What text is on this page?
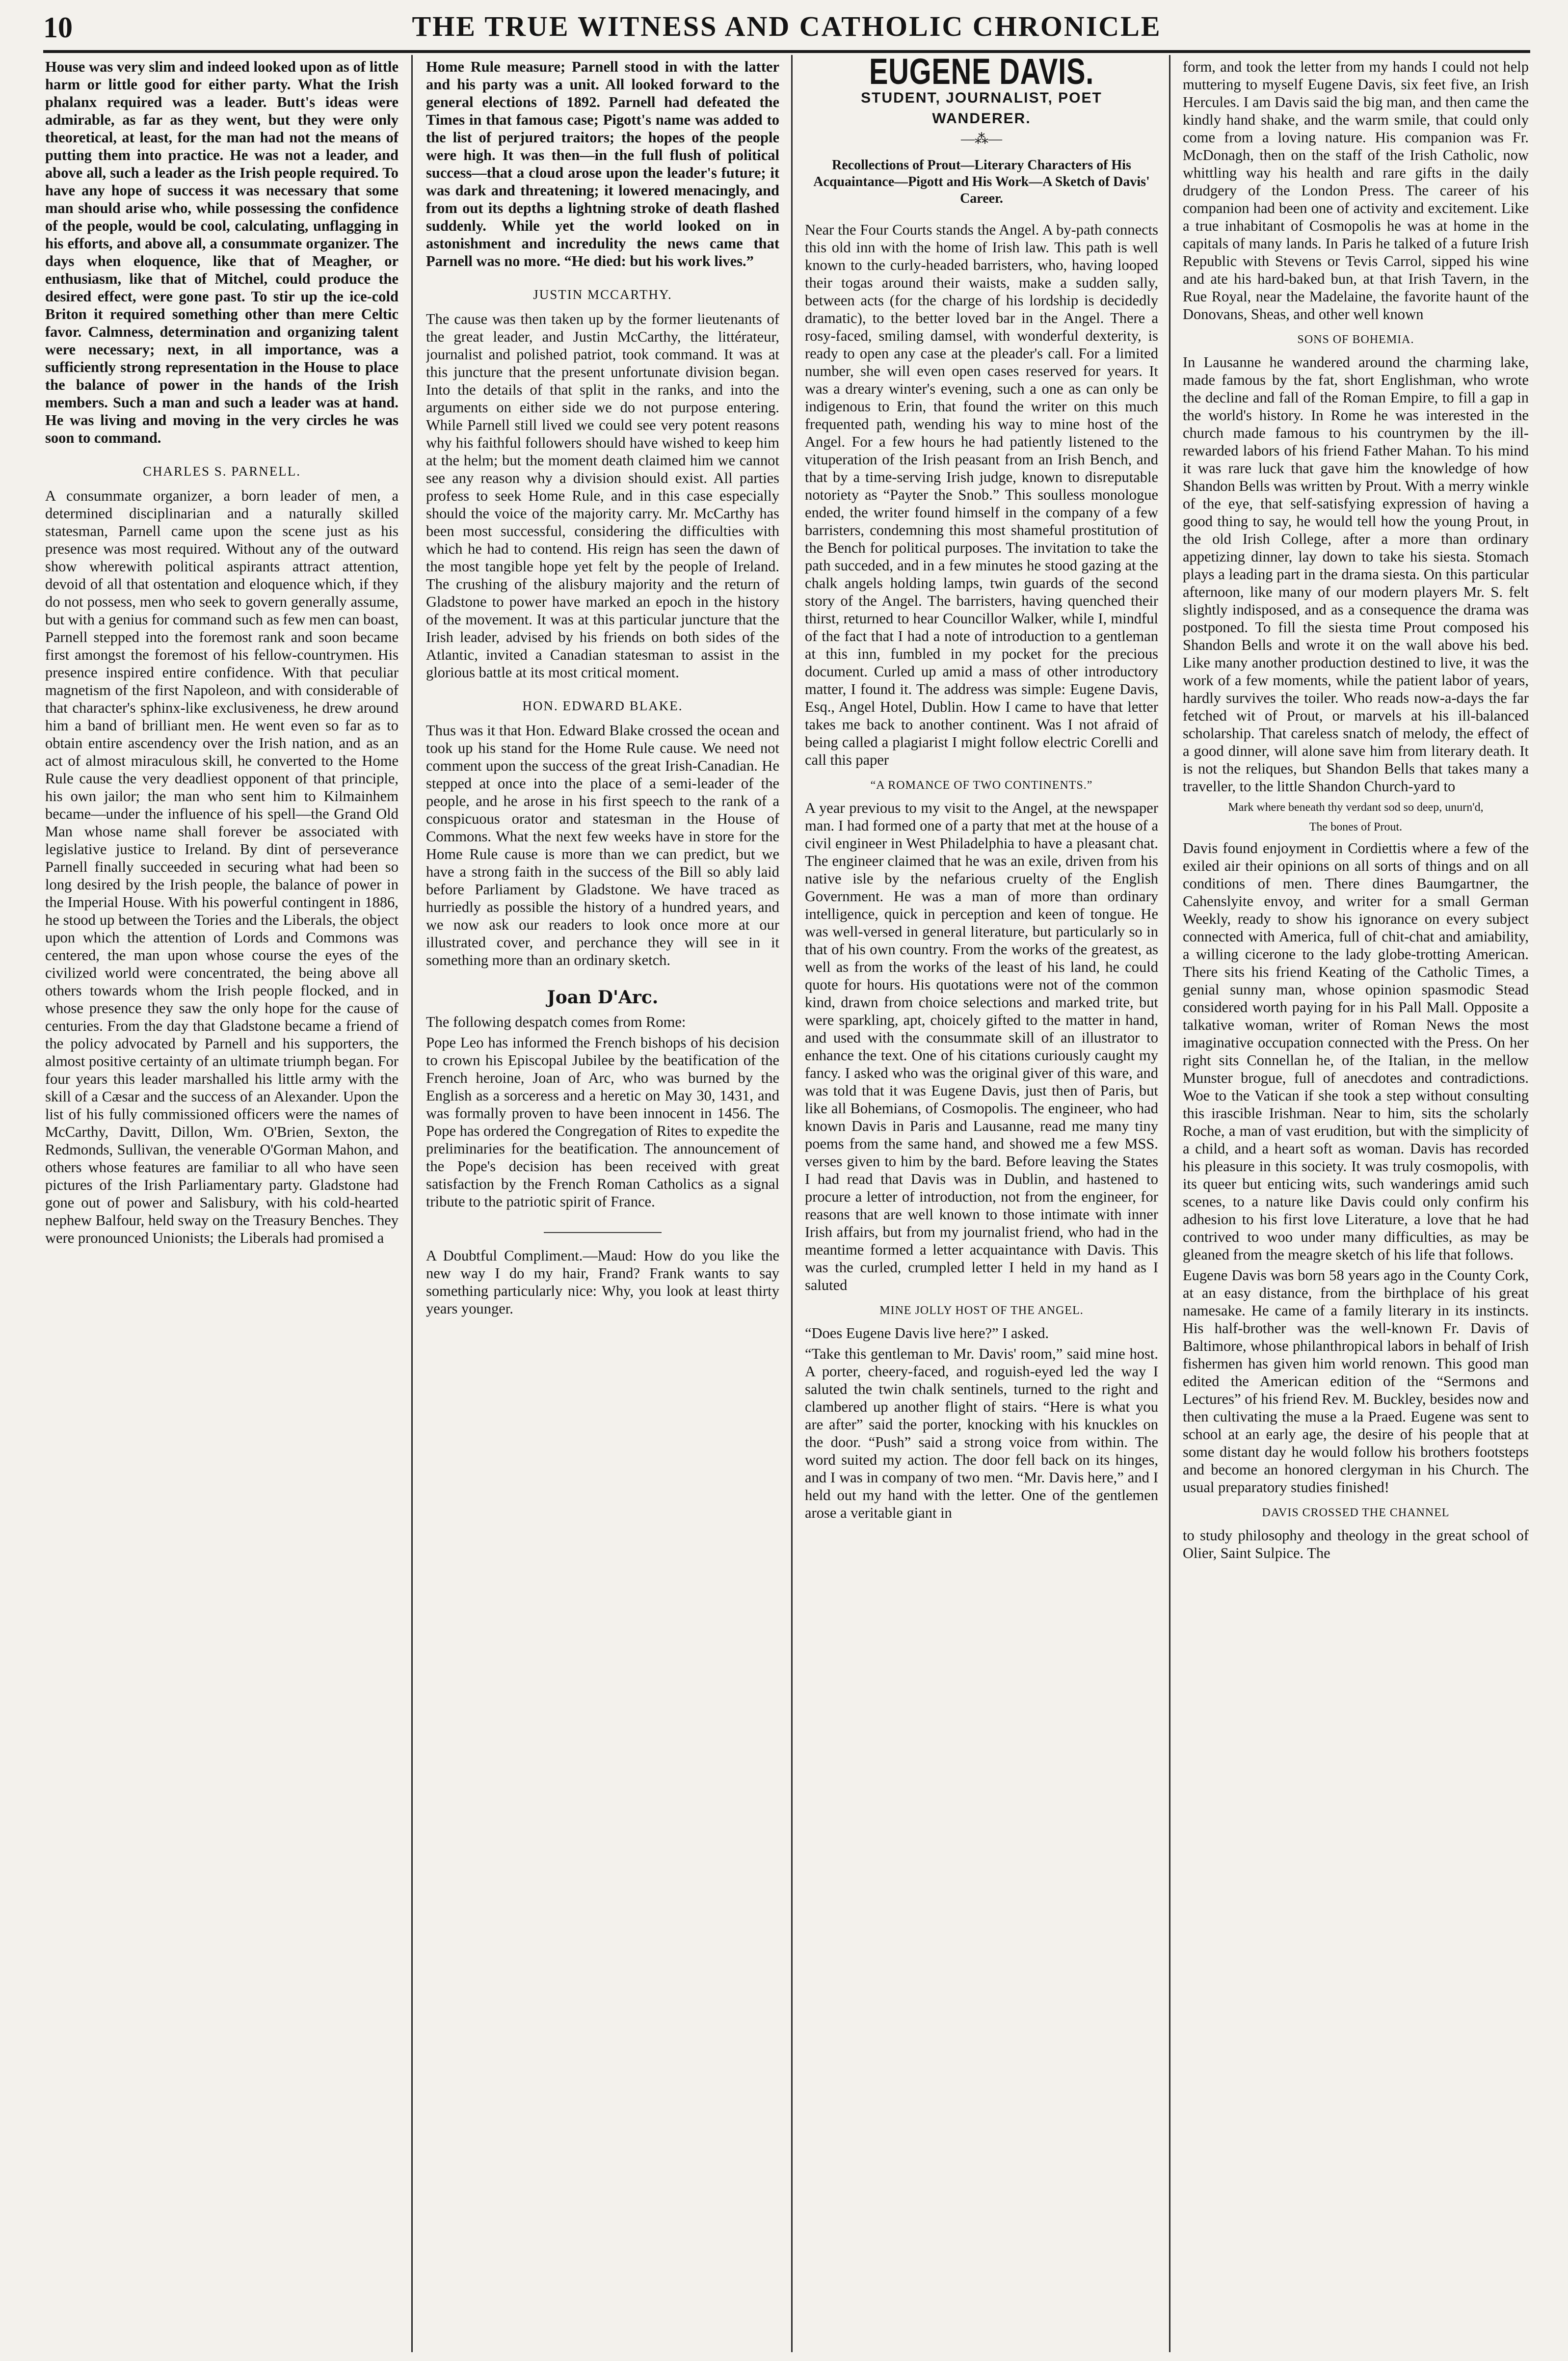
10	THE TRUE WITNESS AND CATHOLIC CHRONICLE

House was very slim and indeed looked upon as of little harm or little good for either party. What the Irish phalanx required was a leader. Butt's ideas were admirable, as far as they went, but they were only theoretical, at least, for the man had not the means of putting them into practice. He was not a leader, and above all, such a leader as the Irish people required. To have any hope of success it was necessary that some man should arise who, while possessing the confidence of the people, would be cool, calculating, unflagging in his efforts, and above all, a consummate organizer. The days when eloquence, like that of Meagher, or enthusiasm, like that of Mitchel, could produce the desired effect, were gone past. To stir up the ice-cold Briton it required something other than mere Celtic favor. Calmness, determination and organizing talent were necessary; next, in all importance, was a sufficiently strong representation in the House to place the balance of power in the hands of the Irish members. Such a man and such a leader was at hand. He was living and moving in the very circles he was soon to command.

CHARLES S. PARNELL.

A consummate organizer, a born leader of men, a determined disciplinarian and a naturally skilled statesman, Parnell came upon the scene just as his presence was most required. Without any of the outward show wherewith political aspirants attract attention, devoid of all that ostentation and eloquence which, if they do not possess, men who seek to govern generally assume, but with a genius for command such as few men can boast, Parnell stepped into the foremost rank and soon became first amongst the foremost of his fellow-countrymen. His presence inspired entire confidence. With that peculiar magnetism of the first Napoleon, and with considerable of that character's sphinx-like exclusiveness, he drew around him a band of brilliant men. He went even so far as to obtain entire ascendency over the Irish nation, and as an act of almost miraculous skill, he converted to the Home Rule cause the very deadliest opponent of that principle, his own jailor; the man who sent him to Kilmainhem became—under the influence of his spell—the Grand Old Man whose name shall forever be associated with legislative justice to Ireland. By dint of perseverance Parnell finally succeeded in securing what had been so long desired by the Irish people, the balance of power in the Imperial House. With his powerful contingent in 1886, he stood up between the Tories and the Liberals, the object upon which the attention of Lords and Commons was centered, the man upon whose course the eyes of the civilized world were concentrated, the being above all others towards whom the Irish people flocked, and in whose presence they saw the only hope for the cause of centuries. From the day that Gladstone became a friend of the policy advocated by Parnell and his supporters, the almost positive certainty of an ultimate triumph began. For four years this leader marshalled his little army with the skill of a Cæsar and the success of an Alexander. Upon the list of his fully commissioned officers were the names of McCarthy, Davitt, Dillon, Wm. O'Brien, Sexton, the Redmonds, Sullivan, the venerable O'Gorman Mahon, and others whose features are familiar to all who have seen pictures of the Irish Parliamentary party. Gladstone had gone out of power and Salisbury, with his cold-hearted nephew Balfour, held sway on the Treasury Benches. They were pronounced Unionists; the Liberals had promised a

Home Rule measure; Parnell stood in with the latter and his party was a unit. All looked forward to the general elections of 1892. Parnell had defeated the Times in that famous case; Pigott's name was added to the list of perjured traitors; the hopes of the people were high. It was then—in the full flush of political success—that a cloud arose upon the leader's future; it was dark and threatening; it lowered menacingly, and from out its depths a lightning stroke of death flashed suddenly. While yet the world looked on in astonishment and incredulity the news came that Parnell was no more. “He died: but his work lives.”

JUSTIN MCCARTHY.

The cause was then taken up by the former lieutenants of the great leader, and Justin McCarthy, the littérateur, journalist and polished patriot, took command. It was at this juncture that the present unfortunate division began. Into the details of that split in the ranks, and into the arguments on either side we do not purpose entering. While Parnell still lived we could see very potent reasons why his faithful followers should have wished to keep him at the helm; but the moment death claimed him we cannot see any reason why a division should exist. All parties profess to seek Home Rule, and in this case especially should the voice of the majority carry. Mr. McCarthy has been most successful, considering the difficulties with which he had to contend. His reign has seen the dawn of the most tangible hope yet felt by the people of Ireland. The crushing of the alisbury majority and the return of Gladstone to power have marked an epoch in the history of the movement. It was at this particular juncture that the Irish leader, advised by his friends on both sides of the Atlantic, invited a Canadian statesman to assist in the glorious battle at its most critical moment.

HON. EDWARD BLAKE.

Thus was it that Hon. Edward Blake crossed the ocean and took up his stand for the Home Rule cause. We need not comment upon the success of the great Irish-Canadian. He stepped at once into the place of a semi-leader of the people, and he arose in his first speech to the rank of a conspicuous orator and statesman in the House of Commons. What the next few weeks have in store for the Home Rule cause is more than we can predict, but we have a strong faith in the success of the Bill so ably laid before Parliament by Gladstone. We have traced as hurriedly as possible the history of a hundred years, and we now ask our readers to look once more at our illustrated cover, and perchance they will see in it something more than an ordinary sketch.

Joan D'Arc.

The following despatch comes from Rome:

Pope Leo has informed the French bishops of his decision to crown his Episcopal Jubilee by the beatification of the French heroine, Joan of Arc, who was burned by the English as a sorceress and a heretic on May 30, 1431, and was formally proven to have been innocent in 1456. The Pope has ordered the Congregation of Rites to expedite the preliminaries for the beatification. The announcement of the Pope's decision has been received with great satisfaction by the French Roman Catholics as a signal tribute to the patriotic spirit of France.

A Doubtful Compliment.—Maud: How do you like the new way I do my hair, Frand? Frank wants to say something particularly nice: Why, you look at least thirty years younger.

EUGENE DAVIS.
STUDENT, JOURNALIST, POET
WANDERER.
—⁂—
Recollections of Prout—Literary Characters of His Acquaintance—Pigott and His Work—A Sketch of Davis' Career.

Near the Four Courts stands the Angel. A by-path connects this old inn with the home of Irish law. This path is well known to the curly-headed barristers, who, having looped their togas around their waists, make a sudden sally, between acts (for the charge of his lordship is decidedly dramatic), to the better loved bar in the Angel. There a rosy-faced, smiling damsel, with wonderful dexterity, is ready to open any case at the pleader's call. For a limited number, she will even open cases reserved for years. It was a dreary winter's evening, such a one as can only be indigenous to Erin, that found the writer on this much frequented path, wending his way to mine host of the Angel. For a few hours he had patiently listened to the vituperation of the Irish peasant from an Irish Bench, and that by a time-serving Irish judge, known to disreputable notoriety as “Payter the Snob.” This soulless monologue ended, the writer found himself in the company of a few barristers, condemning this most shameful prostitution of the Bench for political purposes. The invitation to take the path succeded, and in a few minutes he stood gazing at the chalk angels holding lamps, twin guards of the second story of the Angel. The barristers, having quenched their thirst, returned to hear Councillor Walker, while I, mindful of the fact that I had a note of introduction to a gentleman at this inn, fumbled in my pocket for the precious document. Curled up amid a mass of other introductory matter, I found it. The address was simple: Eugene Davis, Esq., Angel Hotel, Dublin. How I came to have that letter takes me back to another continent. Was I not afraid of being called a plagiarist I might follow electric Corelli and call this paper

“A ROMANCE OF TWO CONTINENTS.”

A year previous to my visit to the Angel, at the newspaper man. I had formed one of a party that met at the house of a civil engineer in West Philadelphia to have a pleasant chat. The engineer claimed that he was an exile, driven from his native isle by the nefarious cruelty of the English Government. He was a man of more than ordinary intelligence, quick in perception and keen of tongue. He was well-versed in general literature, but particularly so in that of his own country. From the works of the greatest, as well as from the works of the least of his land, he could quote for hours. His quotations were not of the common kind, drawn from choice selections and marked trite, but were sparkling, apt, choicely gifted to the matter in hand, and used with the consummate skill of an illustrator to enhance the text. One of his citations curiously caught my fancy. I asked who was the original giver of this ware, and was told that it was Eugene Davis, just then of Paris, but like all Bohemians, of Cosmopolis. The engineer, who had known Davis in Paris and Lausanne, read me many tiny poems from the same hand, and showed me a few MSS. verses given to him by the bard. Before leaving the States I had read that Davis was in Dublin, and hastened to procure a letter of introduction, not from the engineer, for reasons that are well known to those intimate with inner Irish affairs, but from my journalist friend, who had in the meantime formed a letter acquaintance with Davis. This was the curled, crumpled letter I held in my hand as I saluted

MINE JOLLY HOST OF THE ANGEL.

“Does Eugene Davis live here?” I asked.

“Take this gentleman to Mr. Davis' room,” said mine host. A porter, cheery-faced, and roguish-eyed led the way I saluted the twin chalk sentinels, turned to the right and clambered up another flight of stairs. “Here is what you are after” said the porter, knocking with his knuckles on the door. “Push” said a strong voice from within. The word suited my action. The door fell back on its hinges, and I was in company of two men. “Mr. Davis here,” and I held out my hand with the letter. One of the gentlemen arose a veritable giant in

form, and took the letter from my hands I could not help muttering to myself Eugene Davis, six feet five, an Irish Hercules. I am Davis said the big man, and then came the kindly hand shake, and the warm smile, that could only come from a loving nature. His companion was Fr. McDonagh, then on the staff of the Irish Catholic, now whittling way his health and rare gifts in the daily drudgery of the London Press. The career of his companion had been one of activity and excitement. Like a true inhabitant of Cosmopolis he was at home in the capitals of many lands. In Paris he talked of a future Irish Republic with Stevens or Tevis Carrol, sipped his wine and ate his hard-baked bun, at that Irish Tavern, in the Rue Royal, near the Madelaine, the favorite haunt of the Donovans, Sheas, and other well known

SONS OF BOHEMIA.

In Lausanne he wandered around the charming lake, made famous by the fat, short Englishman, who wrote the decline and fall of the Roman Empire, to fill a gap in the world's history. In Rome he was interested in the church made famous to his countrymen by the ill-rewarded labors of his friend Father Mahan. To his mind it was rare luck that gave him the knowledge of how Shandon Bells was written by Prout. With a merry winkle of the eye, that self-satisfying expression of having a good thing to say, he would tell how the young Prout, in the old Irish College, after a more than ordinary appetizing dinner, lay down to take his siesta. Stomach plays a leading part in the drama siesta. On this particular afternoon, like many of our modern players Mr. S. felt slightly indisposed, and as a consequence the drama was postponed. To fill the siesta time Prout composed his Shandon Bells and wrote it on the wall above his bed. Like many another production destined to live, it was the work of a few moments, while the patient labor of years, hardly survives the toiler. Who reads now-a-days the far fetched wit of Prout, or marvels at his ill-balanced scholarship. That careless snatch of melody, the effect of a good dinner, will alone save him from literary death. It is not the reliques, but Shandon Bells that takes many a traveller, to the little Shandon Church-yard to

Mark where beneath thy verdant sod so deep, unurn'd,
The bones of Prout.

Davis found enjoyment in Cordiettis where a few of the exiled air their opinions on all sorts of things and on all conditions of men. There dines Baumgartner, the Cahenslyite envoy, and writer for a small German Weekly, ready to show his ignorance on every subject connected with America, full of chit-chat and amiability, a willing cicerone to the lady globe-trotting American. There sits his friend Keating of the Catholic Times, a genial sunny man, whose opinion spasmodic Stead considered worth paying for in his Pall Mall. Opposite a talkative woman, writer of Roman News the most imaginative occupation connected with the Press. On her right sits Connellan he, of the Italian, in the mellow Munster brogue, full of anecdotes and contradictions. Woe to the Vatican if she took a step without consulting this irascible Irishman. Near to him, sits the scholarly Roche, a man of vast erudition, but with the simplicity of a child, and a heart soft as woman. Davis has recorded his pleasure in this society. It was truly cosmopolis, with its queer but enticing wits, such wanderings amid such scenes, to a nature like Davis could only confirm his adhesion to his first love Literature, a love that he had contrived to woo under many difficulties, as may be gleaned from the meagre sketch of his life that follows.

Eugene Davis was born 58 years ago in the County Cork, at an easy distance, from the birthplace of his great namesake. He came of a family literary in its instincts. His half-brother was the well-known Fr. Davis of Baltimore, whose philanthropical labors in behalf of Irish fishermen has given him world renown. This good man edited the American edition of the “Sermons and Lectures” of his friend Rev. M. Buckley, besides now and then cultivating the muse a la Praed. Eugene was sent to school at an early age, the desire of his people that at some distant day he would follow his brothers footsteps and become an honored clergyman in his Church. The usual preparatory studies finished!

DAVIS CROSSED THE CHANNEL

to study philosophy and theology in the great school of Olier, Saint Sulpice. The
